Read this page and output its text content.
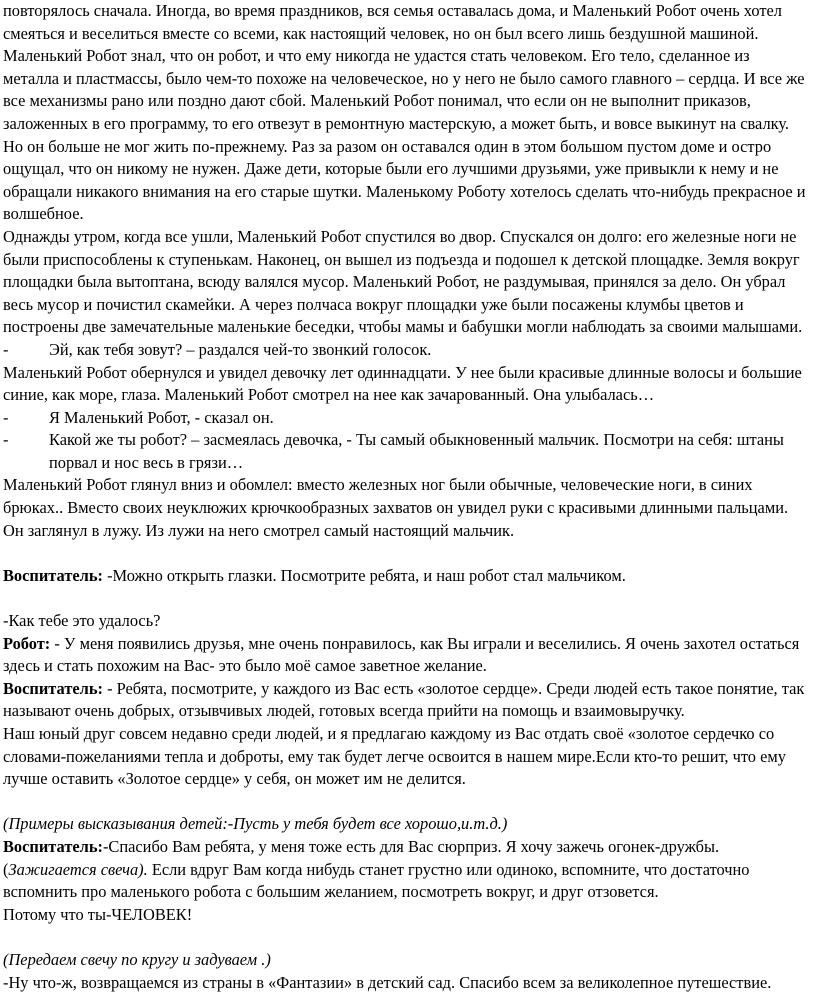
повторялось сначала. Иногда, во время праздников, вся семья оставалась дома, и Маленький Робот очень хотел смеяться и веселиться вместе со всеми, как настоящий человек, но он был всего лишь бездушной машиной. Маленький Робот знал, что он робот, и что ему никогда не удастся стать человеком. Его тело, сделанное из металла и пластмассы, было чем-то похоже на человеческое, но у него не было самого главного – сердца. И все же все механизмы рано или поздно дают сбой. Маленький Робот понимал, что если он не выполнит приказов, заложенных в его программу, то его отвезут в ремонтную мастерскую, а может быть, и вовсе выкинут на свалку. Но он больше не мог жить по-прежнему. Раз за разом он оставался один в этом большом пустом доме и остро ощущал, что он никому не нужен. Даже дети, которые были его лучшими друзьями, уже привыкли к нему и не обращали никакого внимания на его старые шутки. Маленькому Роботу хотелось сделать что-нибудь прекрасное и волшебное.

Однажды утром, когда все ушли, Маленький Робот спустился во двор. Спускался он долго: его железные ноги не были приспособлены к ступенькам. Наконец, он вышел из подъезда и подошел к детской площадке. Земля вокруг площадки была вытоптана, всюду валялся мусор. Маленький Робот, не раздумывая, принялся за дело. Он убрал весь мусор и почистил скамейки. А через полчаса вокруг площадки уже были посажены клумбы цветов и построены две замечательные маленькие беседки, чтобы мамы и бабушки могли наблюдать за своими малышами.

-	Эй, как тебя зовут? – раздался чей-то звонкий голосок.

Маленький Робот обернулся и увидел девочку лет одиннадцати. У нее были красивые длинные волосы и большие синие, как море, глаза. Маленький Робот смотрел на нее как зачарованный. Она улыбалась…

-	Я Маленький Робот, - сказал он.
-	Какой же ты робот? – засмеялась девочка, - Ты самый обыкновенный мальчик. Посмотри на себя: штаны порвал и нос весь в грязи…

Маленький Робот глянул вниз и обомлел: вместо железных ног были обычные, человеческие ноги, в синих брюках.. Вместо своих неуклюжих крючкообразных захватов он увидел руки с красивыми длинными пальцами. Он заглянул в лужу. Из лужи на него смотрел самый настоящий мальчик.

Воспитатель: -Можно открыть глазки. Посмотрите ребята, и наш робот стал мальчиком.

-Как тебе это удалось?

Робот: - У меня появились друзья, мне очень понравилось, как Вы играли и веселились. Я очень захотел остаться здесь и стать похожим на Вас- это было моё самое заветное желание.

Воспитатель: - Ребята, посмотрите, у каждого из Вас есть «золотое сердце». Среди людей есть такое понятие, так называют очень добрых, отзывчивых людей, готовых всегда прийти на помощь и взаимовыручку.

Наш юный друг совсем недавно среди людей, и я предлагаю каждому из Вас отдать своё «золотое сердечко со словами-пожеланиями тепла и доброты, ему так будет легче освоится в нашем мире.Если кто-то решит, что ему лучше оставить «Золотое сердце» у себя, он может им не делится.

(Примеры высказывания детей:-Пусть у тебя будет все хорошо,и.т.д.)

Воспитатель:-Спасибо Вам ребята, у меня тоже есть для Вас сюрприз. Я хочу зажечь огонек-дружбы. (Зажигается свеча). Если вдруг Вам когда нибудь станет грустно или одиноко, вспомните, что достаточно вспомнить про маленького робота с большим желанием, посмотреть вокруг, и друг отзовется.

Потому что ты-ЧЕЛОВЕК!

(Передаем свечу по кругу и задуваем .)

-Ну что-ж, возвращаемся из страны в «Фантазии» в детский сад. Спасибо всем за великолепное путешествие.
